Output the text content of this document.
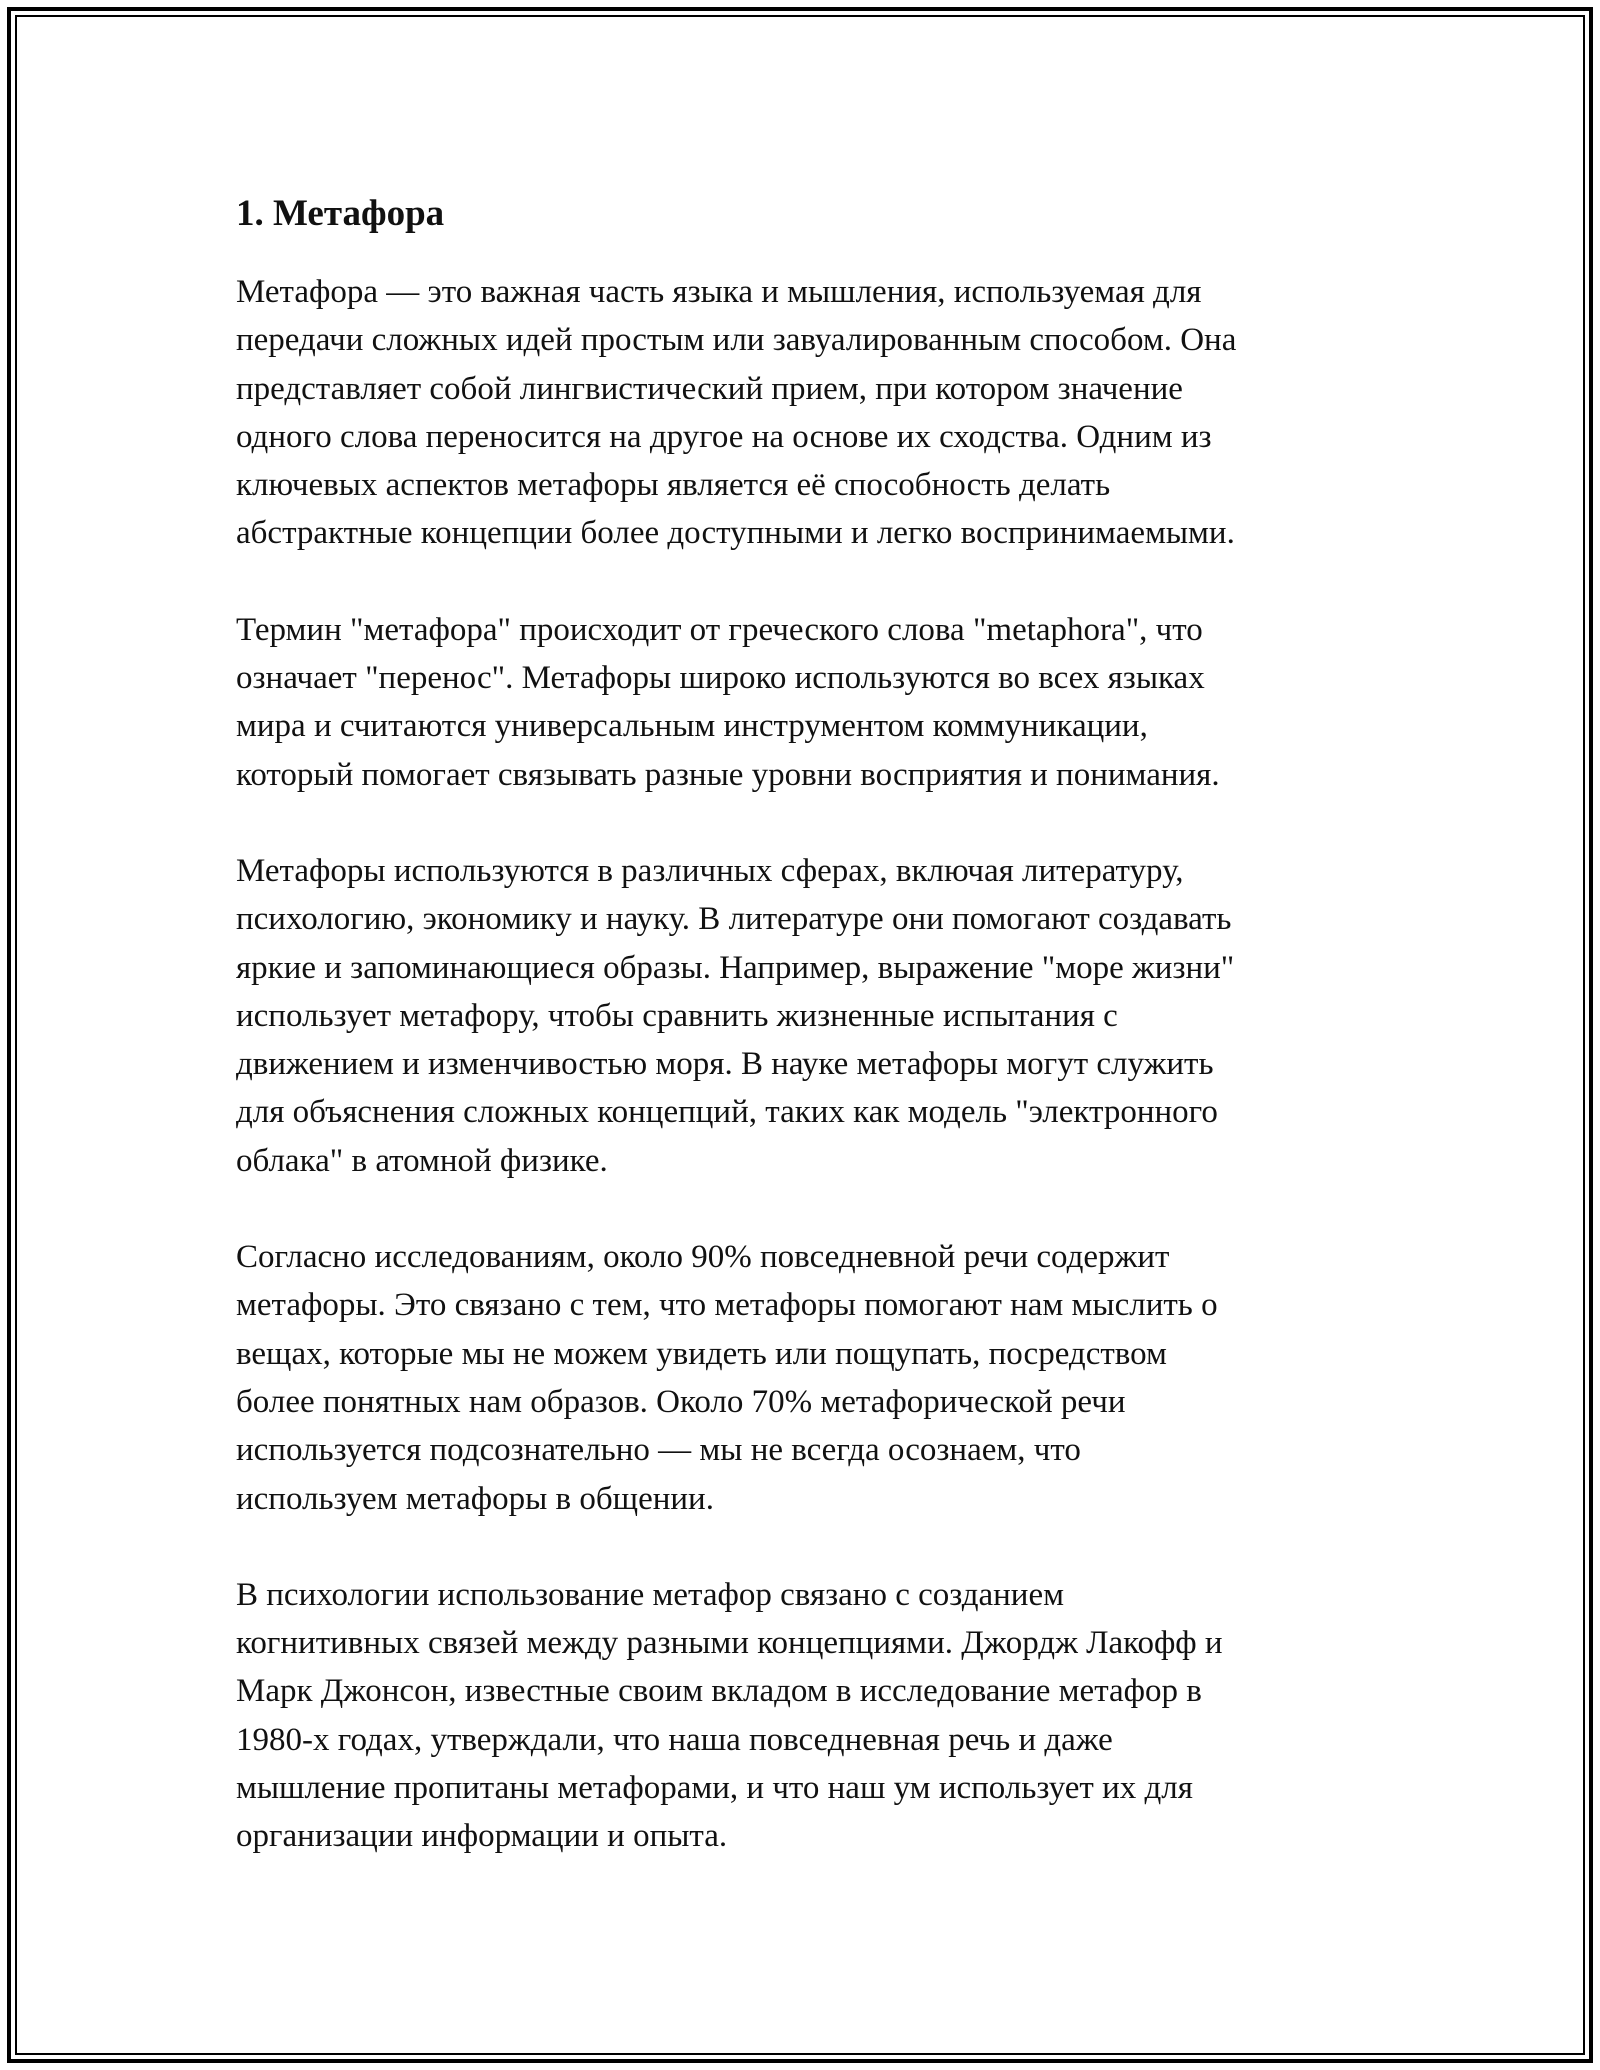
1. Метафора

Метафора — это важная часть языка и мышления, используемая для
передачи сложных идей простым или завуалированным способом. Она
представляет собой лингвистический прием, при котором значение
одного слова переносится на другое на основе их сходства. Одним из
ключевых аспектов метафоры является её способность делать
абстрактные концепции более доступными и легко воспринимаемыми.

Термин "метафора" происходит от греческого слова "metaphora", что
означает "перенос". Метафоры широко используются во всех языках
мира и считаются универсальным инструментом коммуникации,
который помогает связывать разные уровни восприятия и понимания.

Метафоры используются в различных сферах, включая литературу,
психологию, экономику и науку. В литературе они помогают создавать
яркие и запоминающиеся образы. Например, выражение "море жизни"
использует метафору, чтобы сравнить жизненные испытания с
движением и изменчивостью моря. В науке метафоры могут служить
для объяснения сложных концепций, таких как модель "электронного
облака" в атомной физике.

Согласно исследованиям, около 90% повседневной речи содержит
метафоры. Это связано с тем, что метафоры помогают нам мыслить о
вещах, которые мы не можем увидеть или пощупать, посредством
более понятных нам образов. Около 70% метафорической речи
используется подсознательно — мы не всегда осознаем, что
используем метафоры в общении.

В психологии использование метафор связано с созданием
когнитивных связей между разными концепциями. Джордж Лакофф и
Марк Джонсон, известные своим вкладом в исследование метафор в
1980-х годах, утверждали, что наша повседневная речь и даже
мышление пропитаны метафорами, и что наш ум использует их для
организации информации и опыта.
